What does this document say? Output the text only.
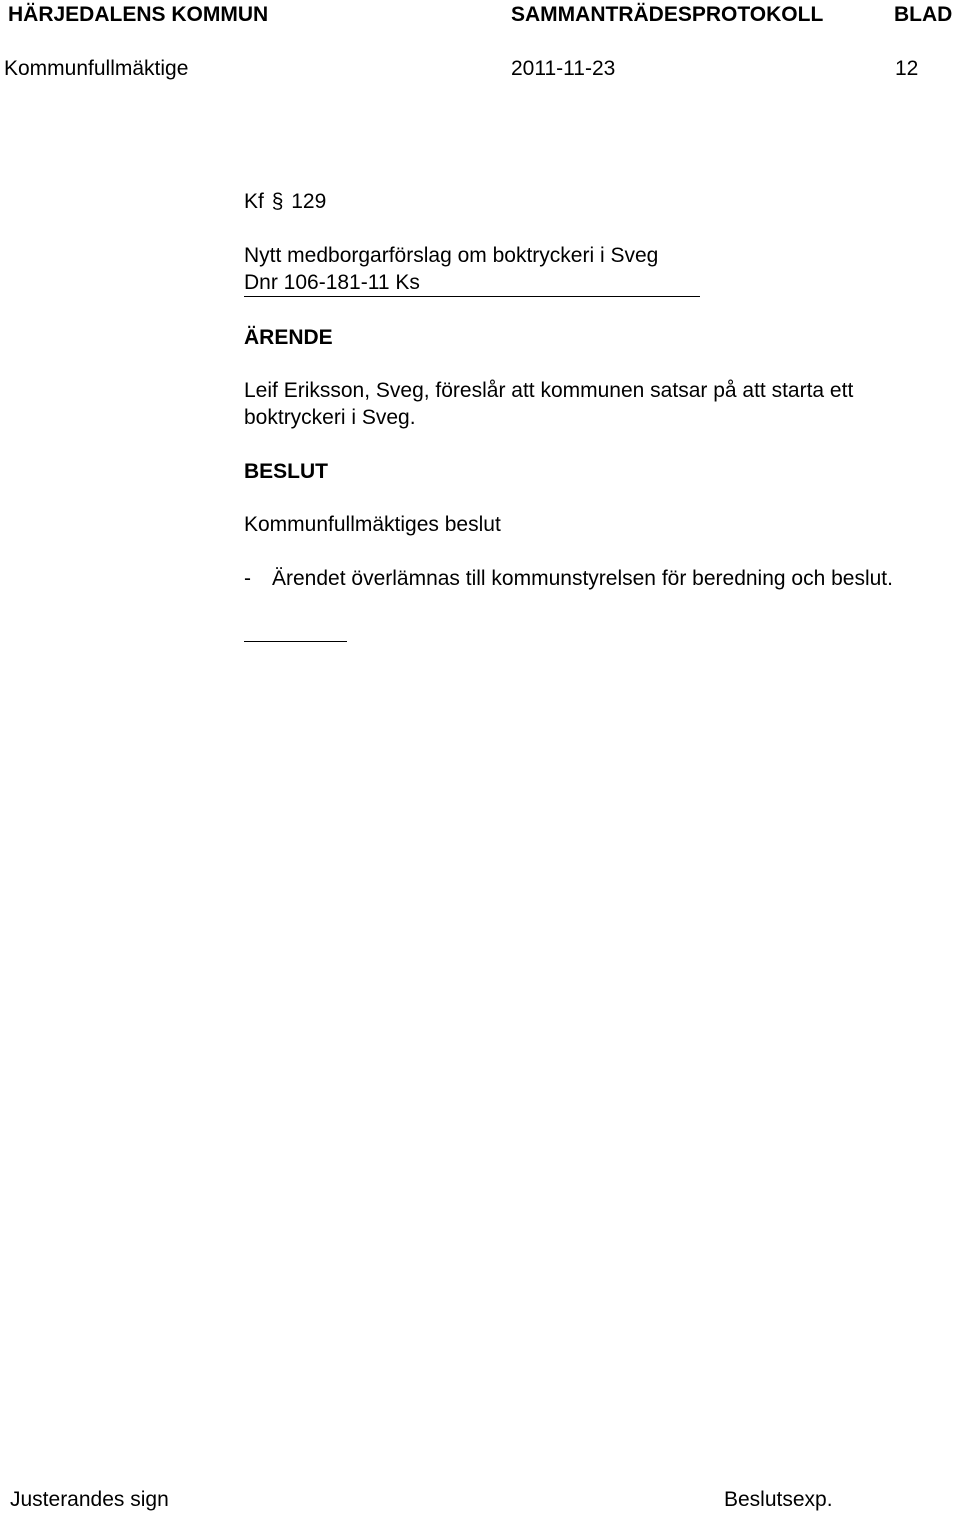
HÄRJEDALENS KOMMUN	SAMMANTRÄDESPROTOKOLL	BLAD
Kommunfullmäktige	2011-11-23	12
Kf § 129
Nytt medborgarförslag om boktryckeri i Sveg
Dnr 106-181-11 Ks
ÄRENDE
Leif Eriksson, Sveg, föreslår att kommunen satsar på att starta ett
boktryckeri i Sveg.
BESLUT
Kommunfullmäktiges beslut
- Ärendet överlämnas till kommunstyrelsen för beredning och beslut.
Justerandes sign	Beslutsexp.
